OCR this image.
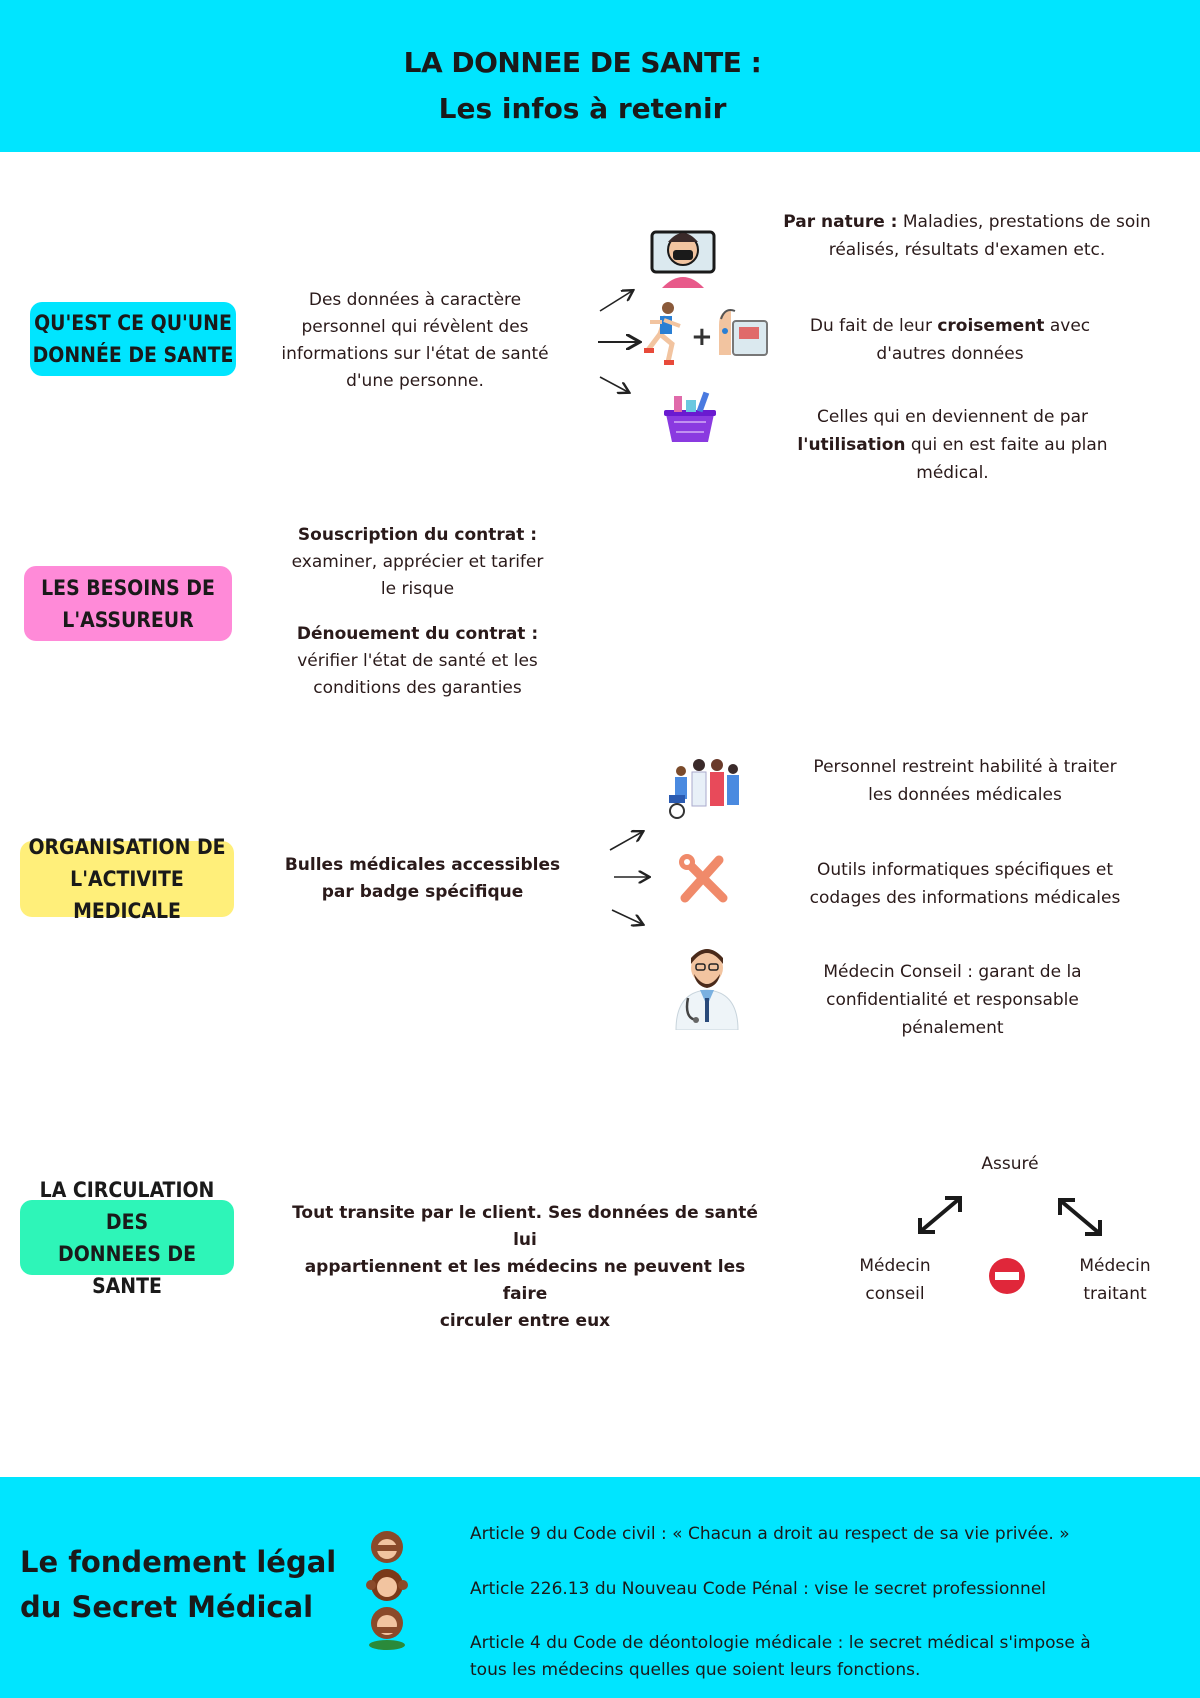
LA DONNEE DE SANTE :
Les infos à retenir
QU'EST CE QU'UNE
DONNÉE DE SANTE
Des données à caractère
personnel qui révèlent des
informations sur l'état de santé
d'une personne.
+
Par nature : Maladies, prestations de soin
réalisés, résultats d'examen etc.
Du fait de leur croisement avec
d'autres données
Celles qui en deviennent de par
l'utilisation qui en est faite au plan
médical.
LES BESOINS DE
L'ASSUREUR
Souscription du contrat :
examiner, apprécier et tarifer
le risque
Dénouement du contrat :
vérifier l'état de santé et les
conditions des garanties
ORGANISATION DE
L'ACTIVITE MEDICALE
Bulles médicales accessibles
par badge spécifique
Personnel restreint habilité à traiter
les données médicales
Outils informatiques spécifiques et
codages des informations médicales
Médecin Conseil : garant de la
confidentialité et responsable
pénalement
LA CIRCULATION DES
DONNEES DE SANTE
Tout transite par le client. Ses données de santé lui
appartiennent et les médecins ne peuvent les faire
circuler entre eux
Assuré
Médecin
conseil
Médecin
traitant
Le fondement légal
du Secret Médical
Article 9 du Code civil : « Chacun a droit au respect de sa vie privée. »
Article 226.13 du Nouveau Code Pénal : vise le secret professionnel
Article 4 du Code de déontologie médicale : le secret médical s'impose à
tous les médecins quelles que soient leurs fonctions.
